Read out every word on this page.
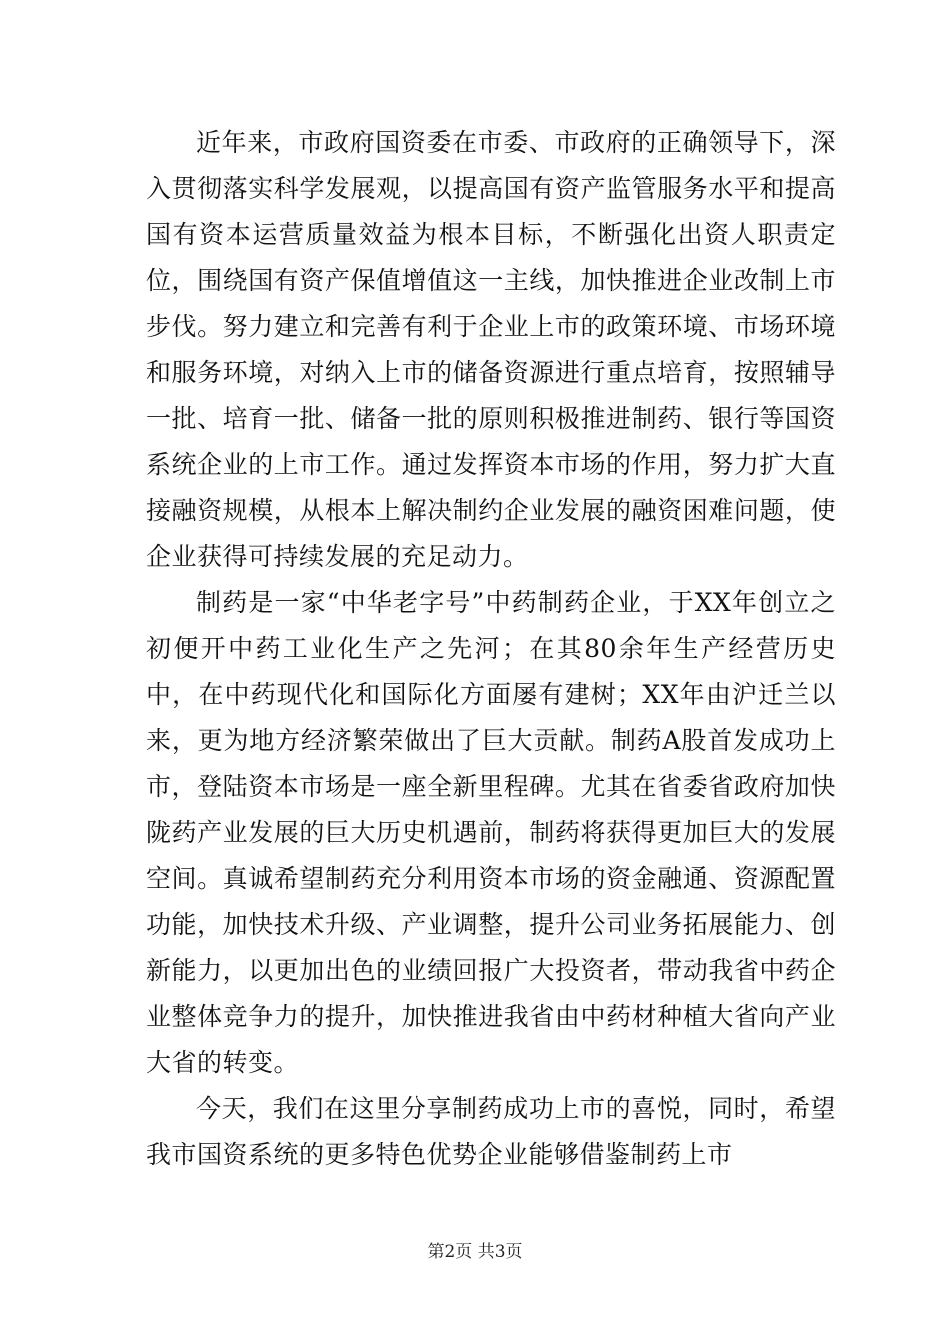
近年来，市政府国资委在市委、市政府的正确领导下，深入贯彻落实科学发展观，以提高国有资产监管服务水平和提高国有资本运营质量效益为根本目标，不断强化出资人职责定位，围绕国有资产保值增值这一主线，加快推进企业改制上市步伐。努力建立和完善有利于企业上市的政策环境、市场环境和服务环境，对纳入上市的储备资源进行重点培育，按照辅导一批、培育一批、储备一批的原则积极推进制药、银行等国资系统企业的上市工作。通过发挥资本市场的作用，努力扩大直接融资规模，从根本上解决制约企业发展的融资困难问题，使企业获得可持续发展的充足动力。

制药是一家“中华老字号”中药制药企业，于XX年创立之初便开中药工业化生产之先河；在其80余年生产经营历史中，在中药现代化和国际化方面屡有建树；XX年由沪迁兰以来，更为地方经济繁荣做出了巨大贡献。制药A股首发成功上市，登陆资本市场是一座全新里程碑。尤其在省委省政府加快陇药产业发展的巨大历史机遇前，制药将获得更加巨大的发展空间。真诚希望制药充分利用资本市场的资金融通、资源配置功能，加快技术升级、产业调整，提升公司业务拓展能力、创新能力，以更加出色的业绩回报广大投资者，带动我省中药企业整体竞争力的提升，加快推进我省由中药材种植大省向产业大省的转变。

今天，我们在这里分享制药成功上市的喜悦，同时，希望我市国资系统的更多特色优势企业能够借鉴制药上市

第2页 共3页
